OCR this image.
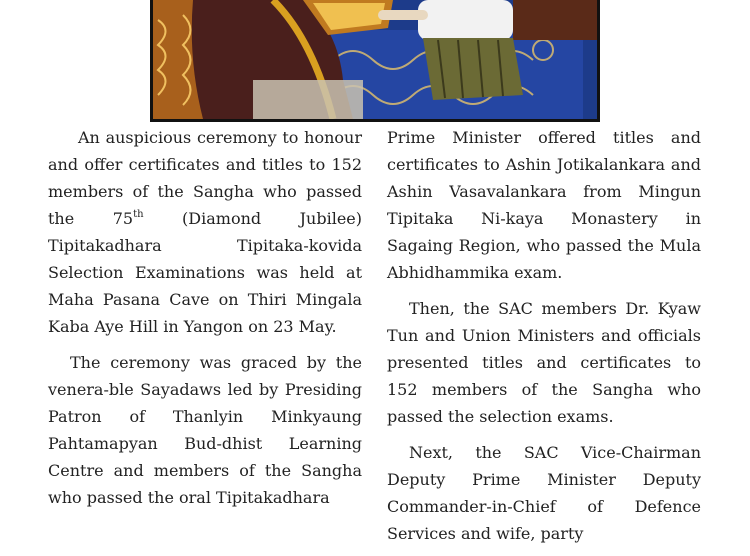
An auspicious ceremony to honour and offer certificates and titles to 152 members of the Sangha who passed the 75th (Diamond Jubilee) Tipitakadhara Tipitaka-kovida Selection Examinations was held at Maha Pasana Cave on Thiri Mingala Kaba Aye Hill in Yangon on 23 May.

The ceremony was graced by the venera-ble Sayadaws led by Presiding Patron of Thanlyin Minkyaung Pahtamapyan Bud-dhist Learning Centre and members of the Sangha who passed the oral Tipitakadhara

Prime Minister offered titles and certificates to Ashin Jotikalankara and Ashin Vasavalankara from Mingun Tipitaka Ni-kaya Monastery in Sagaing Region, who passed the Mula Abhidhammika exam.

Then, the SAC members Dr. Kyaw Tun and Union Ministers and officials presented titles and certificates to 152 members of the Sangha who passed the selection exams.

Next, the SAC Vice-Chairman Deputy Prime Minister Deputy Commander-in-Chief of Defence Services and wife, party
